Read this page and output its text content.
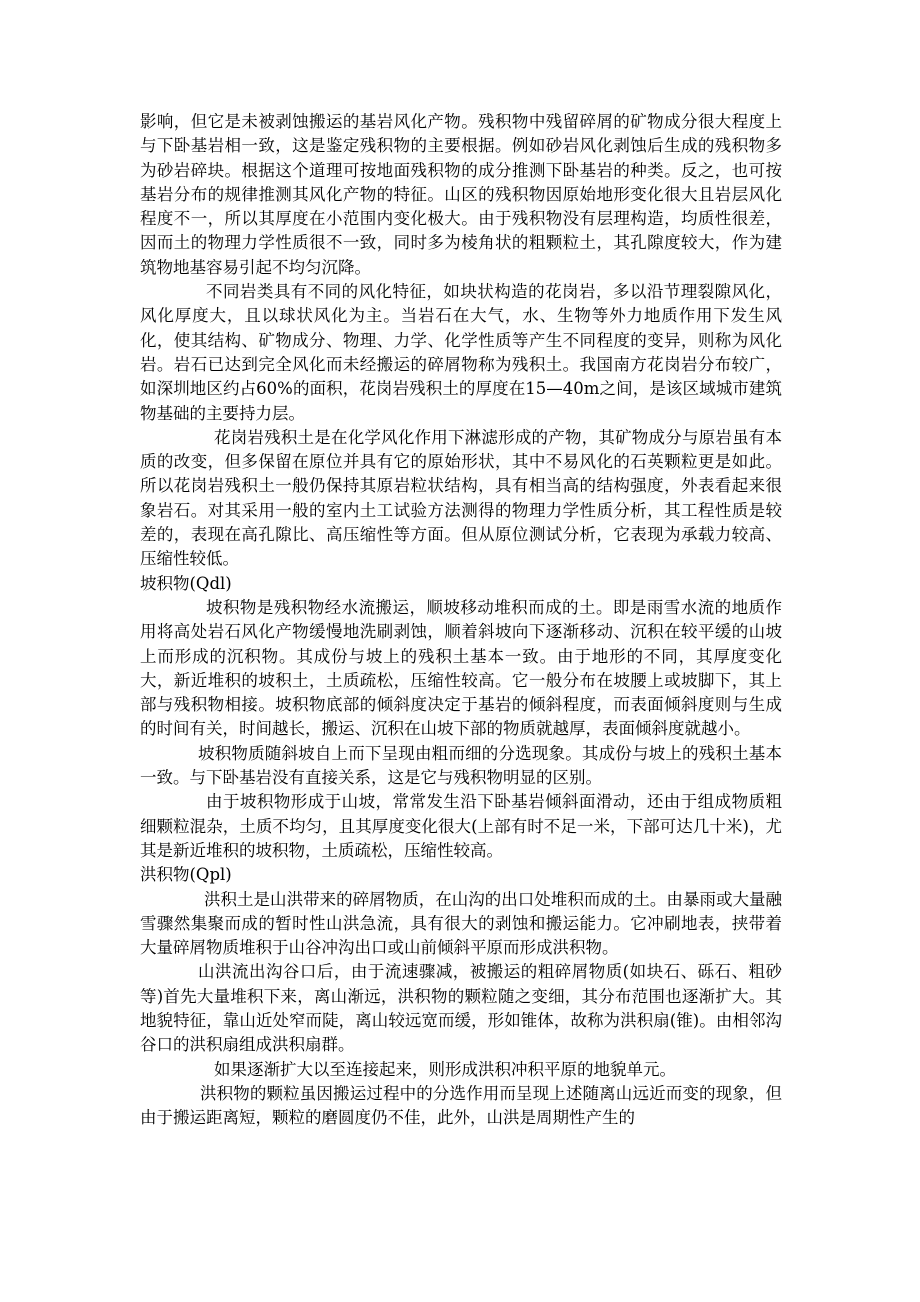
影响，但它是未被剥蚀搬运的基岩风化产物。残积物中残留碎屑的矿物成分很大程度上与下卧基岩相一致，这是鉴定残积物的主要根据。例如砂岩风化剥蚀后生成的残积物多为砂岩碎块。根据这个道理可按地面残积物的成分推测下卧基岩的种类。反之，也可按基岩分布的规律推测其风化产物的特征。山区的残积物因原始地形变化很大且岩层风化程度不一，所以其厚度在小范围内变化极大。由于残积物没有层理构造，均质性很差，因而土的物理力学性质很不一致，同时多为棱角状的粗颗粒土，其孔隙度较大，作为建筑物地基容易引起不均匀沉降。

不同岩类具有不同的风化特征，如块状构造的花岗岩，多以沿节理裂隙风化，风化厚度大，且以球状风化为主。当岩石在大气，水、生物等外力地质作用下发生风化，使其结构、矿物成分、物理、力学、化学性质等产生不同程度的变异，则称为风化岩。岩石已达到完全风化而未经搬运的碎屑物称为残积土。我国南方花岗岩分布较广，如深圳地区约占60%的面积，花岗岩残积土的厚度在15—40m之间，是该区域城市建筑物基础的主要持力层。

花岗岩残积土是在化学风化作用下淋滤形成的产物，其矿物成分与原岩虽有本质的改变，但多保留在原位并具有它的原始形状，其中不易风化的石英颗粒更是如此。所以花岗岩残积土一般仍保持其原岩粒状结构，具有相当高的结构强度，外表看起来很象岩石。对其采用一般的室内土工试验方法测得的物理力学性质分析，其工程性质是较差的，表现在高孔隙比、高压缩性等方面。但从原位测试分析，它表现为承载力较高、压缩性较低。

坡积物(Qdl)

坡积物是残积物经水流搬运，顺坡移动堆积而成的土。即是雨雪水流的地质作用将高处岩石风化产物缓慢地洗刷剥蚀，顺着斜坡向下逐渐移动、沉积在较平缓的山坡上而形成的沉积物。其成份与坡上的残积土基本一致。由于地形的不同，其厚度变化大，新近堆积的坡积土，土质疏松，压缩性较高。它一般分布在坡腰上或坡脚下，其上部与残积物相接。坡积物底部的倾斜度决定于基岩的倾斜程度，而表面倾斜度则与生成的时间有关，时间越长，搬运、沉积在山坡下部的物质就越厚，表面倾斜度就越小。

坡积物质随斜坡自上而下呈现由粗而细的分选现象。其成份与坡上的残积土基本一致。与下卧基岩没有直接关系，这是它与残积物明显的区别。

由于坡积物形成于山坡，常常发生沿下卧基岩倾斜面滑动，还由于组成物质粗细颗粒混杂，土质不均匀，且其厚度变化很大(上部有时不足一米，下部可达几十米)，尤其是新近堆积的坡积物，土质疏松，压缩性较高。

洪积物(Qpl)

洪积土是山洪带来的碎屑物质，在山沟的出口处堆积而成的土。由暴雨或大量融雪骤然集聚而成的暂时性山洪急流，具有很大的剥蚀和搬运能力。它冲刷地表，挟带着大量碎屑物质堆积于山谷冲沟出口或山前倾斜平原而形成洪积物。

山洪流出沟谷口后，由于流速骤减，被搬运的粗碎屑物质(如块石、砾石、粗砂等)首先大量堆积下来，离山渐远，洪积物的颗粒随之变细，其分布范围也逐渐扩大。其地貌特征，靠山近处窄而陡，离山较远宽而缓，形如锥体，故称为洪积扇(锥)。由相邻沟谷口的洪积扇组成洪积扇群。

如果逐渐扩大以至连接起来，则形成洪积冲积平原的地貌单元。

洪积物的颗粒虽因搬运过程中的分选作用而呈现上述随离山远近而变的现象，但由于搬运距离短，颗粒的磨圆度仍不佳，此外，山洪是周期性产生的
